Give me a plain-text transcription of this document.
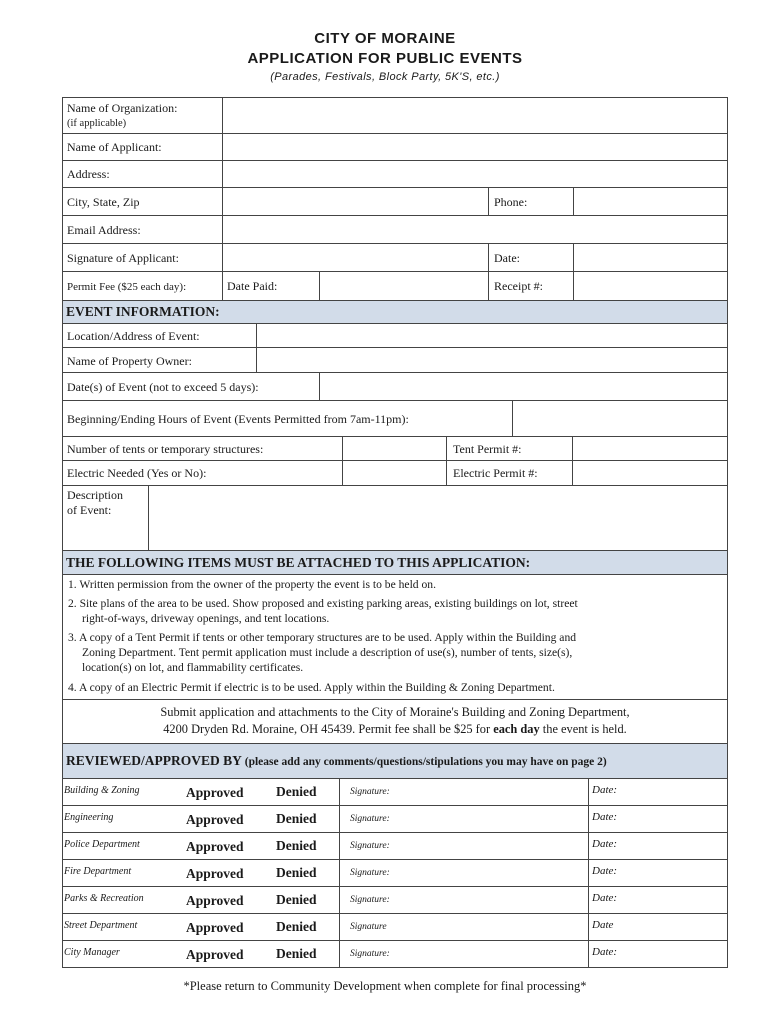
CITY OF MORAINE
APPLICATION FOR PUBLIC EVENTS
(Parades, Festivals, Block Party, 5K'S, etc.)
Name of Organization:
(if applicable)
Name of Applicant:
Address:
City, State, Zip	Phone:
Email Address:
Signature of Applicant:	Date:
Permit Fee ($25 each day):	Date Paid:	Receipt #:
EVENT INFORMATION:
Location/Address of Event:
Name of Property Owner:
Date(s) of Event (not to exceed 5 days):
Beginning/Ending Hours of Event (Events Permitted from 7am-11pm):
Number of tents or temporary structures:	Tent Permit #:
Electric Needed (Yes or No):	Electric Permit #:
Description
of Event:
THE FOLLOWING ITEMS MUST BE ATTACHED TO THIS APPLICATION:
1. Written permission from the owner of the property the event is to be held on.
2. Site plans of the area to be used. Show proposed and existing parking areas, existing buildings on lot, street
right-of-ways, driveway openings, and tent locations.
3. A copy of a Tent Permit if tents or other temporary structures are to be used. Apply within the Building and
Zoning Department. Tent permit application must include a description of use(s), number of tents, size(s),
location(s) on lot, and flammability certificates.
4. A copy of an Electric Permit if electric is to be used. Apply within the Building & Zoning Department.
Submit application and attachments to the City of Moraine's Building and Zoning Department,
4200 Dryden Rd. Moraine, OH 45439. Permit fee shall be $25 for each day the event is held.
REVIEWED/APPROVED BY (please add any comments/questions/stipulations you may have on page 2)
Building & Zoning	Approved Denied	Signature:	Date:
Engineering	Approved Denied	Signature:	Date:
Police Department	Approved Denied	Signature:	Date:
Fire Department	Approved Denied	Signature:	Date:
Parks & Recreation	Approved Denied	Signature:	Date:
Street Department	Approved Denied	Signature	Date
City Manager	Approved Denied	Signature:	Date:
*Please return to Community Development when complete for final processing*
